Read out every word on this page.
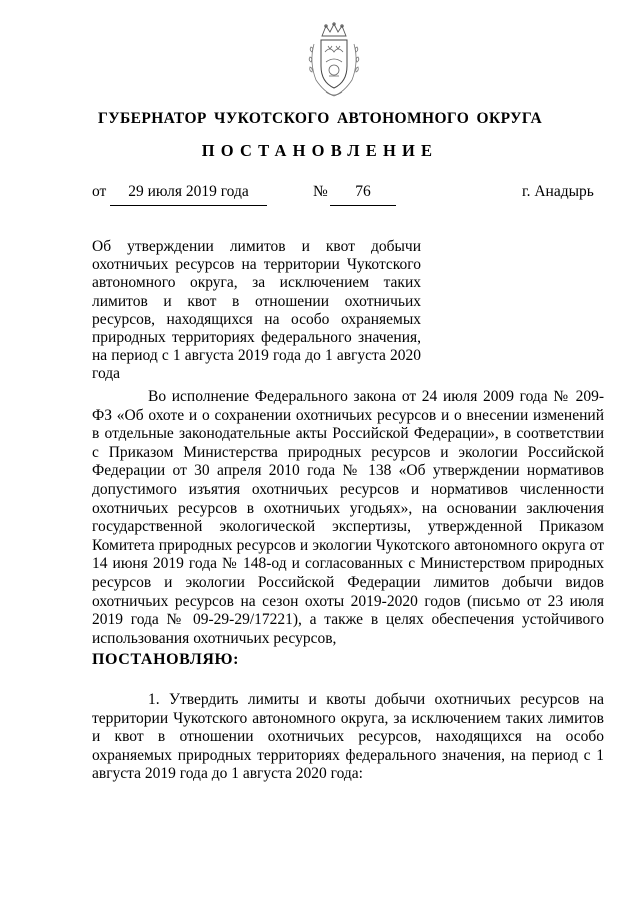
ГУБЕРНАТОР ЧУКОТСКОГО АВТОНОМНОГО ОКРУГА
ПОСТАНОВЛЕНИЕ
от	29 июля 2019 года	№	76	г. Анадырь
Об утверждении лимитов и квот добычи охотничьих ресурсов на территории Чукотского автономного округа, за исключением таких лимитов и квот в отношении охотничьих ресурсов, находящихся на особо охраняемых природных территориях федерального значения, на период с 1 августа 2019 года до 1 августа 2020 года

Во исполнение Федерального закона от 24 июля 2009 года № 209-ФЗ «Об охоте и о сохранении охотничьих ресурсов и о внесении изменений в отдельные законодательные акты Российской Федерации», в соответствии с Приказом Министерства природных ресурсов и экологии Российской Федерации от 30 апреля 2010 года № 138 «Об утверждении нормативов допустимого изъятия охотничьих ресурсов и нормативов численности охотничьих ресурсов в охотничьих угодьях», на основании заключения государственной экологической экспертизы, утвержденной Приказом Комитета природных ресурсов и экологии Чукотского автономного округа от 14 июня 2019 года № 148-од и согласованных с Министерством природных ресурсов и экологии Российской Федерации лимитов добычи видов охотничьих ресурсов на сезон охоты 2019-2020 годов (письмо от 23 июля 2019 года № 09-29-29/17221), а также в целях обеспечения устойчивого использования охотничьих ресурсов,

ПОСТАНОВЛЯЮ:

1. Утвердить лимиты и квоты добычи охотничьих ресурсов на территории Чукотского автономного округа, за исключением таких лимитов и квот в отношении охотничьих ресурсов, находящихся на особо охраняемых природных территориях федерального значения, на период с 1 августа 2019 года до 1 августа 2020 года:
